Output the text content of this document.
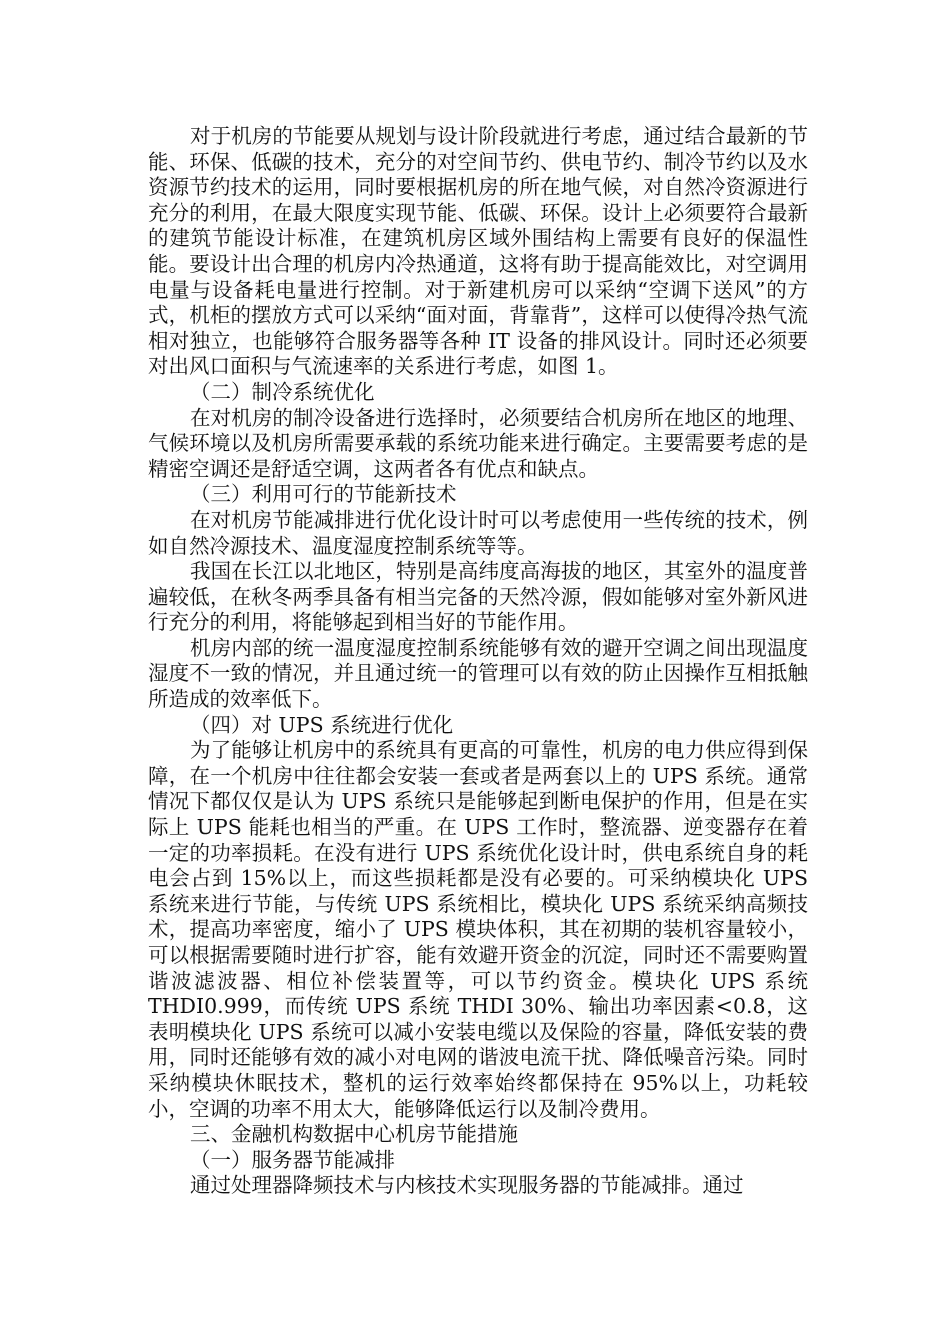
对于机房的节能要从规划与设计阶段就进行考虑，通过结合最新的节能、环保、低碳的技术，充分的对空间节约、供电节约、制冷节约以及水资源节约技术的运用，同时要根据机房的所在地气候，对自然冷资源进行充分的利用，在最大限度实现节能、低碳、环保。设计上必须要符合最新的建筑节能设计标准，在建筑机房区域外围结构上需要有良好的保温性能。要设计出合理的机房内冷热通道，这将有助于提高能效比，对空调用电量与设备耗电量进行控制。对于新建机房可以采纳“空调下送风”的方式，机柜的摆放方式可以采纳“面对面，背靠背”，这样可以使得冷热气流相对独立，也能够符合服务器等各种 IT 设备的排风设计。同时还必须要对出风口面积与气流速率的关系进行考虑，如图 1。

（二）制冷系统优化

在对机房的制冷设备进行选择时，必须要结合机房所在地区的地理、气候环境以及机房所需要承载的系统功能来进行确定。主要需要考虑的是精密空调还是舒适空调，这两者各有优点和缺点。

（三）利用可行的节能新技术

在对机房节能减排进行优化设计时可以考虑使用一些传统的技术，例如自然冷源技术、温度湿度控制系统等等。

我国在长江以北地区，特别是高纬度高海拔的地区，其室外的温度普遍较低，在秋冬两季具备有相当完备的天然冷源，假如能够对室外新风进行充分的利用，将能够起到相当好的节能作用。

机房内部的统一温度湿度控制系统能够有效的避开空调之间出现温度湿度不一致的情况，并且通过统一的管理可以有效的防止因操作互相抵触所造成的效率低下。

（四）对 UPS 系统进行优化

为了能够让机房中的系统具有更高的可靠性，机房的电力供应得到保障，在一个机房中往往都会安装一套或者是两套以上的 UPS 系统。通常情况下都仅仅是认为 UPS 系统只是能够起到断电保护的作用，但是在实际上 UPS 能耗也相当的严重。在 UPS 工作时，整流器、逆变器存在着一定的功率损耗。在没有进行 UPS 系统优化设计时，供电系统自身的耗电会占到 15%以上，而这些损耗都是没有必要的。可采纳模块化 UPS 系统来进行节能，与传统 UPS 系统相比，模块化 UPS 系统采纳高频技术，提高功率密度，缩小了 UPS 模块体积，其在初期的装机容量较小，可以根据需要随时进行扩容，能有效避开资金的沉淀，同时还不需要购置谐波滤波器、相位补偿装置等，可以节约资金。模块化 UPS 系统 THDI0.999，而传统 UPS 系统 THDI 30%、输出功率因素<0.8，这表明模块化 UPS 系统可以减小安装电缆以及保险的容量，降低安装的费用，同时还能够有效的减小对电网的谐波电流干扰、降低噪音污染。同时采纳模块休眠技术，整机的运行效率始终都保持在 95%以上，功耗较小，空调的功率不用太大，能够降低运行以及制冷费用。

三、金融机构数据中心机房节能措施

（一）服务器节能减排

通过处理器降频技术与内核技术实现服务器的节能减排。通过
